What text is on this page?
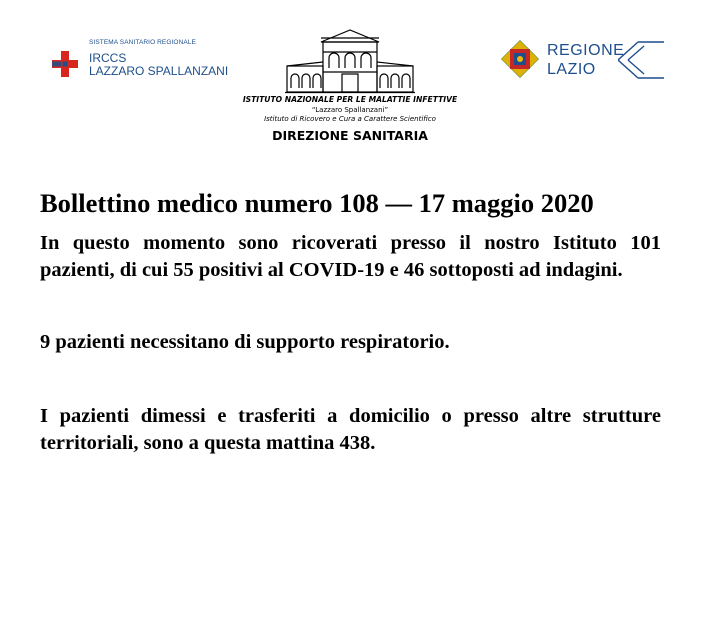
SISTEMA SANITARIO REGIONALE
IRCCS
LAZZARO SPALLANZANI
ISTITUTO NAZIONALE PER LE MALATTIE INFETTIVE
“Lazzaro Spallanzani”
Istituto di Ricovero e Cura a Carattere Scientifico
DIREZIONE SANITARIA
REGIONE
LAZIO
Bollettino medico numero 108 — 17 maggio 2020

In questo momento sono ricoverati presso il nostro Istituto 101 pazienti, di cui 55 positivi al COVID-19 e 46 sottoposti ad indagini.

9 pazienti necessitano di supporto respiratorio.

I pazienti dimessi e trasferiti a domicilio o presso altre strutture territoriali, sono a questa mattina 438.
